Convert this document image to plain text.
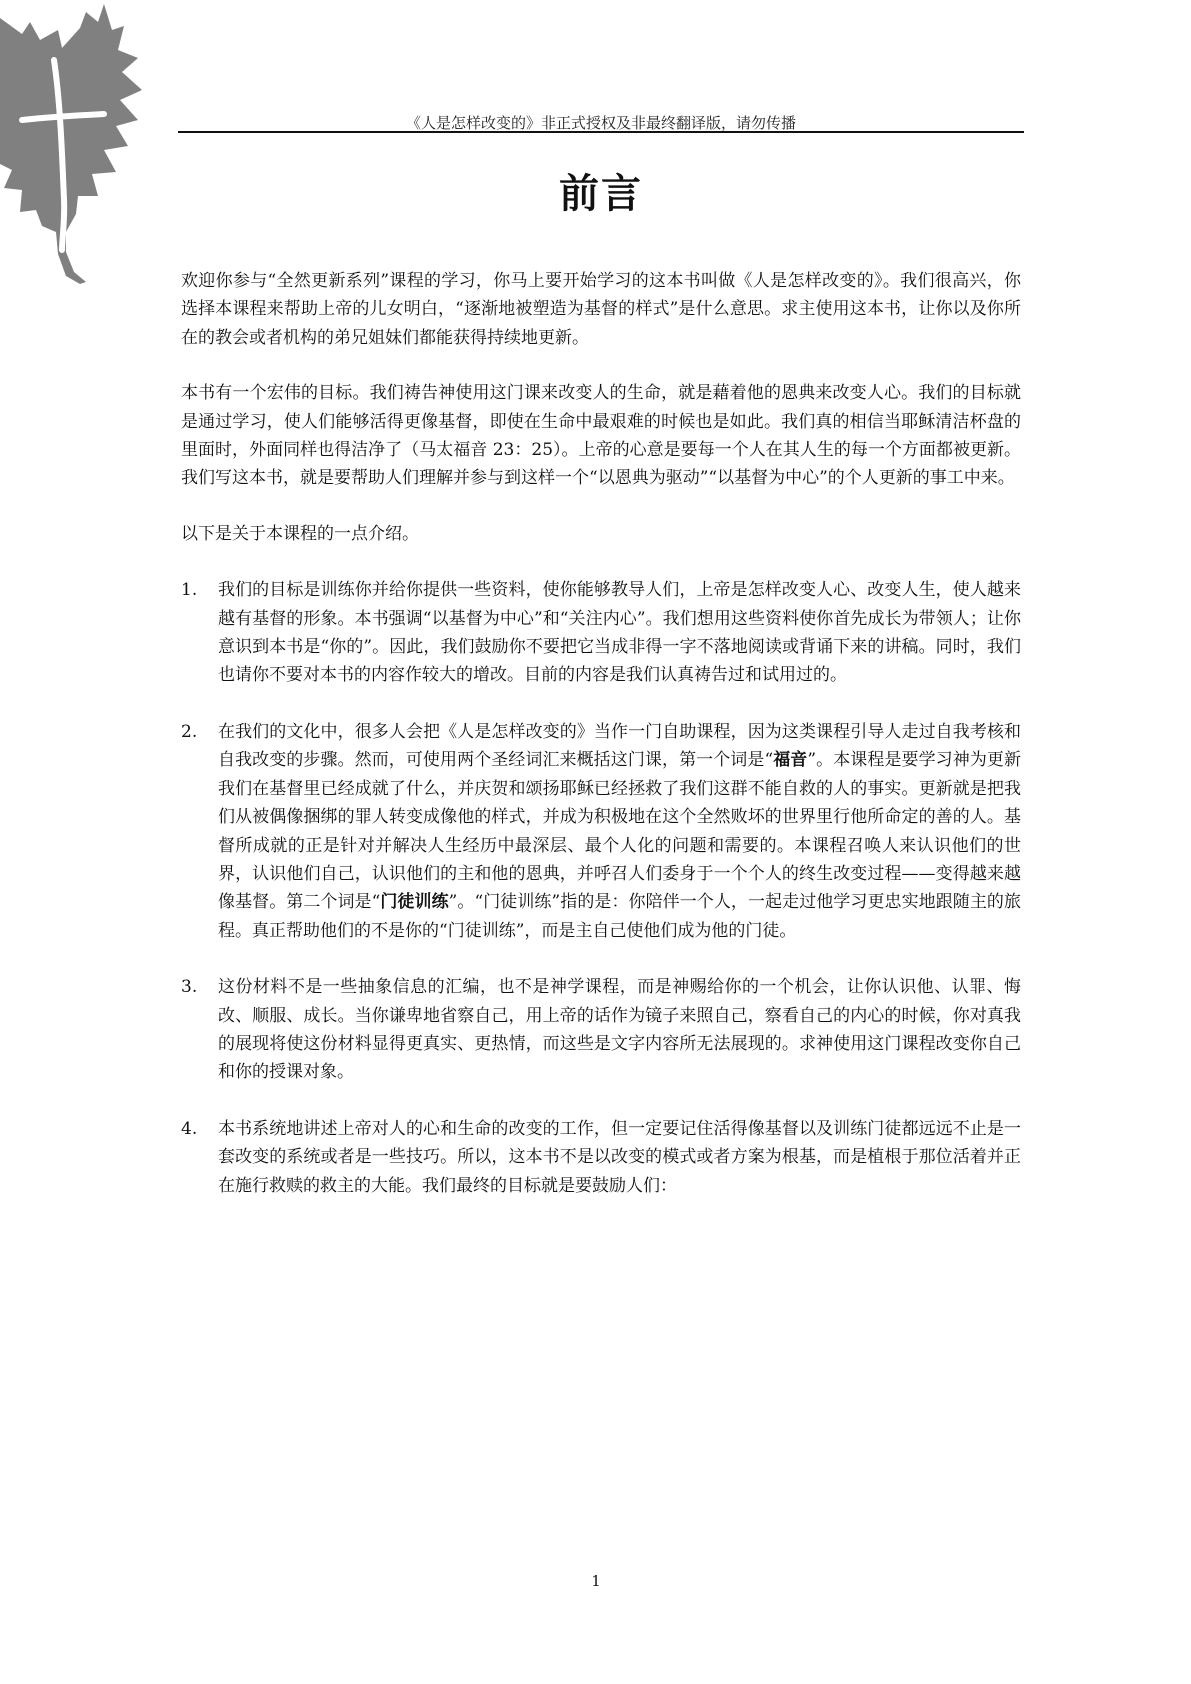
《人是怎样改变的》非正式授权及非最终翻译版，请勿传播
前言

欢迎你参与“全然更新系列”课程的学习，你马上要开始学习的这本书叫做《人是怎样改变的》。我们很高兴，你选择本课程来帮助上帝的儿女明白，“逐渐地被塑造为基督的样式”是什么意思。求主使用这本书，让你以及你所在的教会或者机构的弟兄姐妹们都能获得持续地更新。

本书有一个宏伟的目标。我们祷告神使用这门课来改变人的生命，就是藉着他的恩典来改变人心。我们的目标就是通过学习，使人们能够活得更像基督，即使在生命中最艰难的时候也是如此。我们真的相信当耶稣清洁杯盘的里面时，外面同样也得洁净了（马太福音 23：25）。上帝的心意是要每一个人在其人生的每一个方面都被更新。我们写这本书，就是要帮助人们理解并参与到这样一个“以恩典为驱动”“以基督为中心”的个人更新的事工中来。

以下是关于本课程的一点介绍。

1.	我们的目标是训练你并给你提供一些资料，使你能够教导人们，上帝是怎样改变人心、改变人生，使人越来越有基督的形象。本书强调“以基督为中心”和“关注内心”。我们想用这些资料使你首先成长为带领人；让你意识到本书是“你的”。因此，我们鼓励你不要把它当成非得一字不落地阅读或背诵下来的讲稿。同时，我们也请你不要对本书的内容作较大的增改。目前的内容是我们认真祷告过和试用过的。
2.	在我们的文化中，很多人会把《人是怎样改变的》当作一门自助课程，因为这类课程引导人走过自我考核和自我改变的步骤。然而，可使用两个圣经词汇来概括这门课，第一个词是“福音”。本课程是要学习神为更新我们在基督里已经成就了什么，并庆贺和颂扬耶稣已经拯救了我们这群不能自救的人的事实。更新就是把我们从被偶像捆绑的罪人转变成像他的样式，并成为积极地在这个全然败坏的世界里行他所命定的善的人。基督所成就的正是针对并解决人生经历中最深层、最个人化的问题和需要的。本课程召唤人来认识他们的世界，认识他们自己，认识他们的主和他的恩典，并呼召人们委身于一个个人的终生改变过程——变得越来越像基督。第二个词是“门徒训练”。“门徒训练”指的是：你陪伴一个人，一起走过他学习更忠实地跟随主的旅程。真正帮助他们的不是你的“门徒训练”，而是主自己使他们成为他的门徒。
3.	这份材料不是一些抽象信息的汇编，也不是神学课程，而是神赐给你的一个机会，让你认识他、认罪、悔改、顺服、成长。当你谦卑地省察自己，用上帝的话作为镜子来照自己，察看自己的内心的时候，你对真我的展现将使这份材料显得更真实、更热情，而这些是文字内容所无法展现的。求神使用这门课程改变你自己和你的授课对象。
4.	本书系统地讲述上帝对人的心和生命的改变的工作，但一定要记住活得像基督以及训练门徒都远远不止是一套改变的系统或者是一些技巧。所以，这本书不是以改变的模式或者方案为根基，而是植根于那位活着并正在施行救赎的救主的大能。我们最终的目标就是要鼓励人们：
1
